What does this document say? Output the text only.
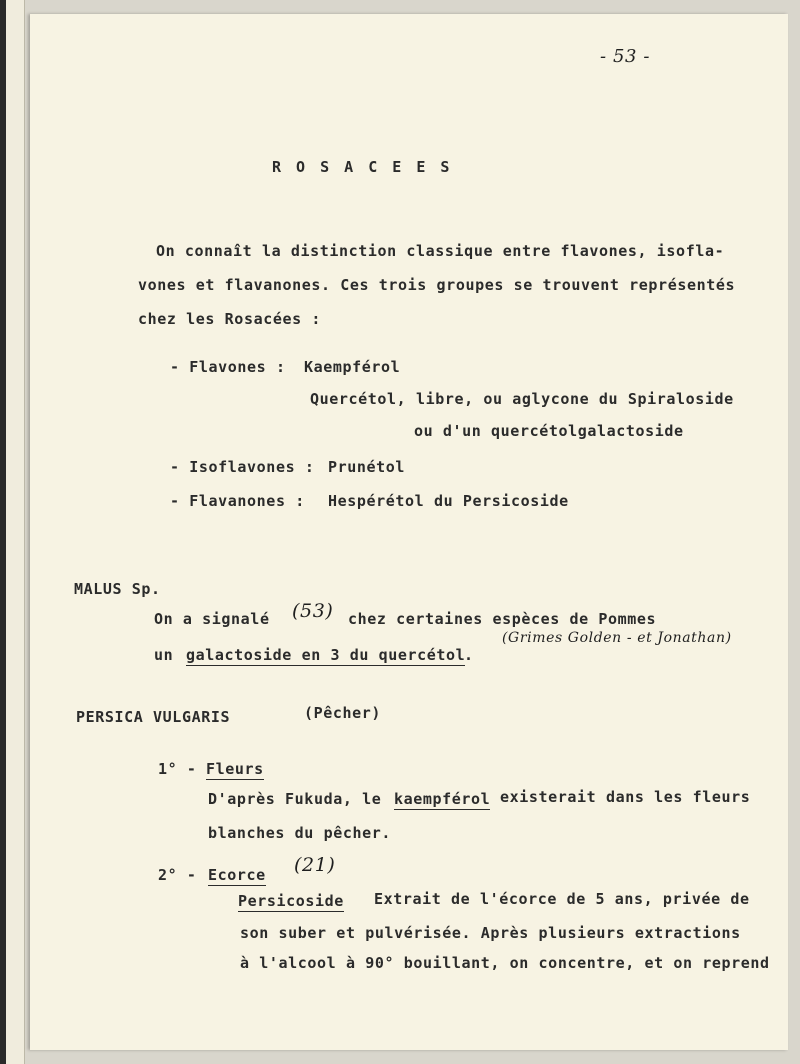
- 53 -
R O S A C E E S
On connaît la distinction classique entre flavones, isofla-
vones et flavanones. Ces trois groupes se trouvent représentés
chez les Rosacées :
- Flavones : Kaempférol
Quercétol, libre, ou aglycone du Spiraloside
ou d'un quercétolgalactoside
- Isoflavones : Prunétol
- Flavanones : Hespérétol du Persicoside
MALUS Sp.
On a signalé (53) chez certaines espèces de Pommes
un galactoside en 3 du quercétol
.
(Grimes Golden - et Jonathan)
PERSICA VULGARIS	(Pêcher)
1° - Fleurs
D'après Fukuda, le kaempférol existerait dans les fleurs
blanches du pêcher.
2° - Ecorce (21)
Persicoside Extrait de l'écorce de 5 ans, privée de
son suber et pulvérisée. Après plusieurs extractions
à l'alcool à 90° bouillant, on concentre, et on reprend
